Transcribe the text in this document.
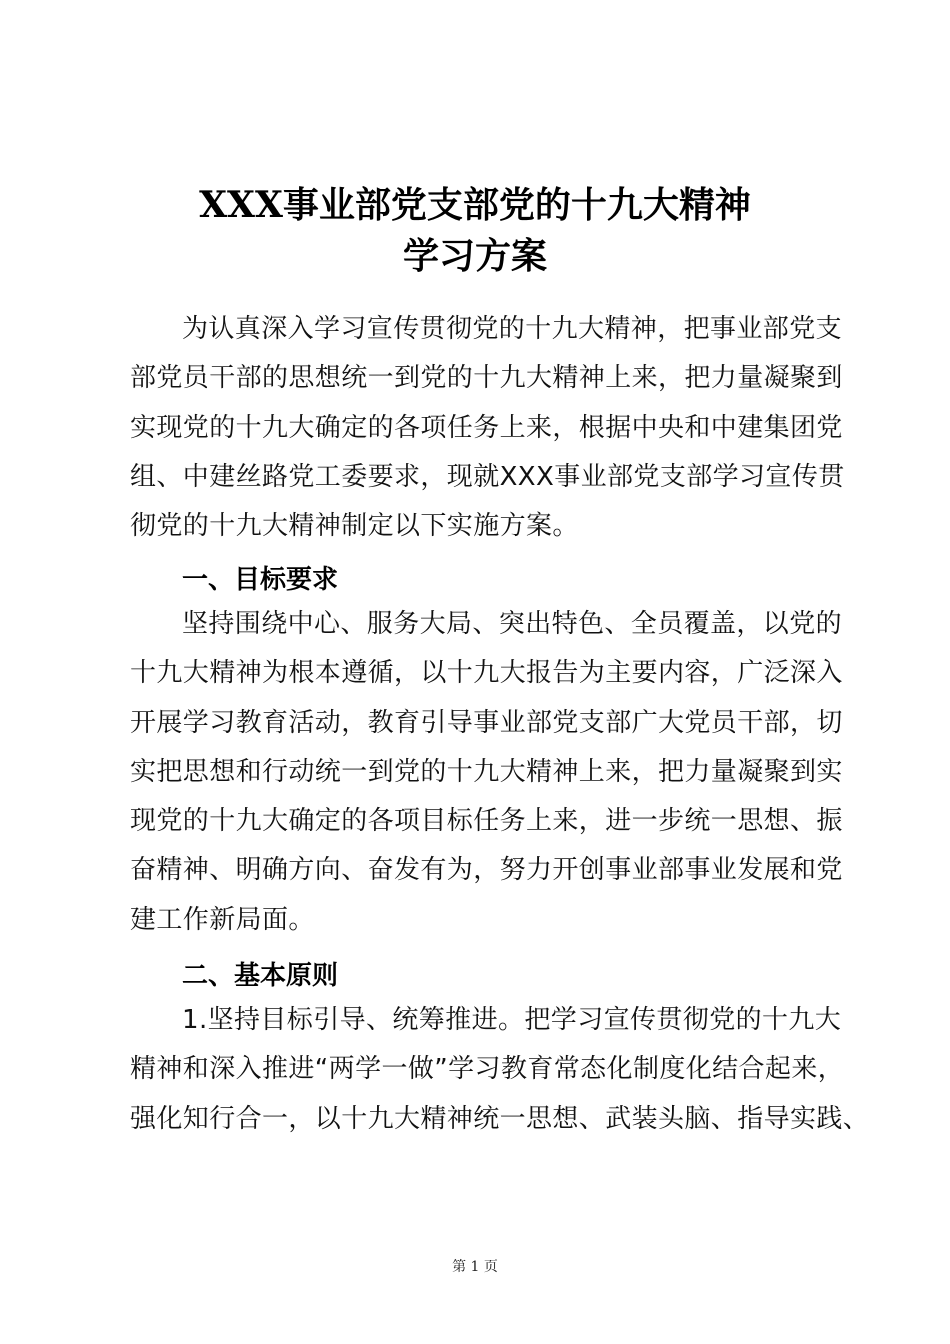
XXX事业部党支部党的十九大精神
学习方案
为认真深入学习宣传贯彻党的十九大精神，把事业部党支
部党员干部的思想统一到党的十九大精神上来，把力量凝聚到
实现党的十九大确定的各项任务上来，根据中央和中建集团党
组、中建丝路党工委要求，现就XXX事业部党支部学习宣传贯
彻党的十九大精神制定以下实施方案。
一、目标要求
坚持围绕中心、服务大局、突出特色、全员覆盖，以党的
十九大精神为根本遵循，以十九大报告为主要内容，广泛深入
开展学习教育活动，教育引导事业部党支部广大党员干部，切
实把思想和行动统一到党的十九大精神上来，把力量凝聚到实
现党的十九大确定的各项目标任务上来，进一步统一思想、振
奋精神、明确方向、奋发有为，努力开创事业部事业发展和党
建工作新局面。
二、基本原则
1.坚持目标引导、统筹推进。把学习宣传贯彻党的十九大
精神和深入推进“两学一做”学习教育常态化制度化结合起来，
强化知行合一，以十九大精神统一思想、武装头脑、指导实践、
第 1 页
